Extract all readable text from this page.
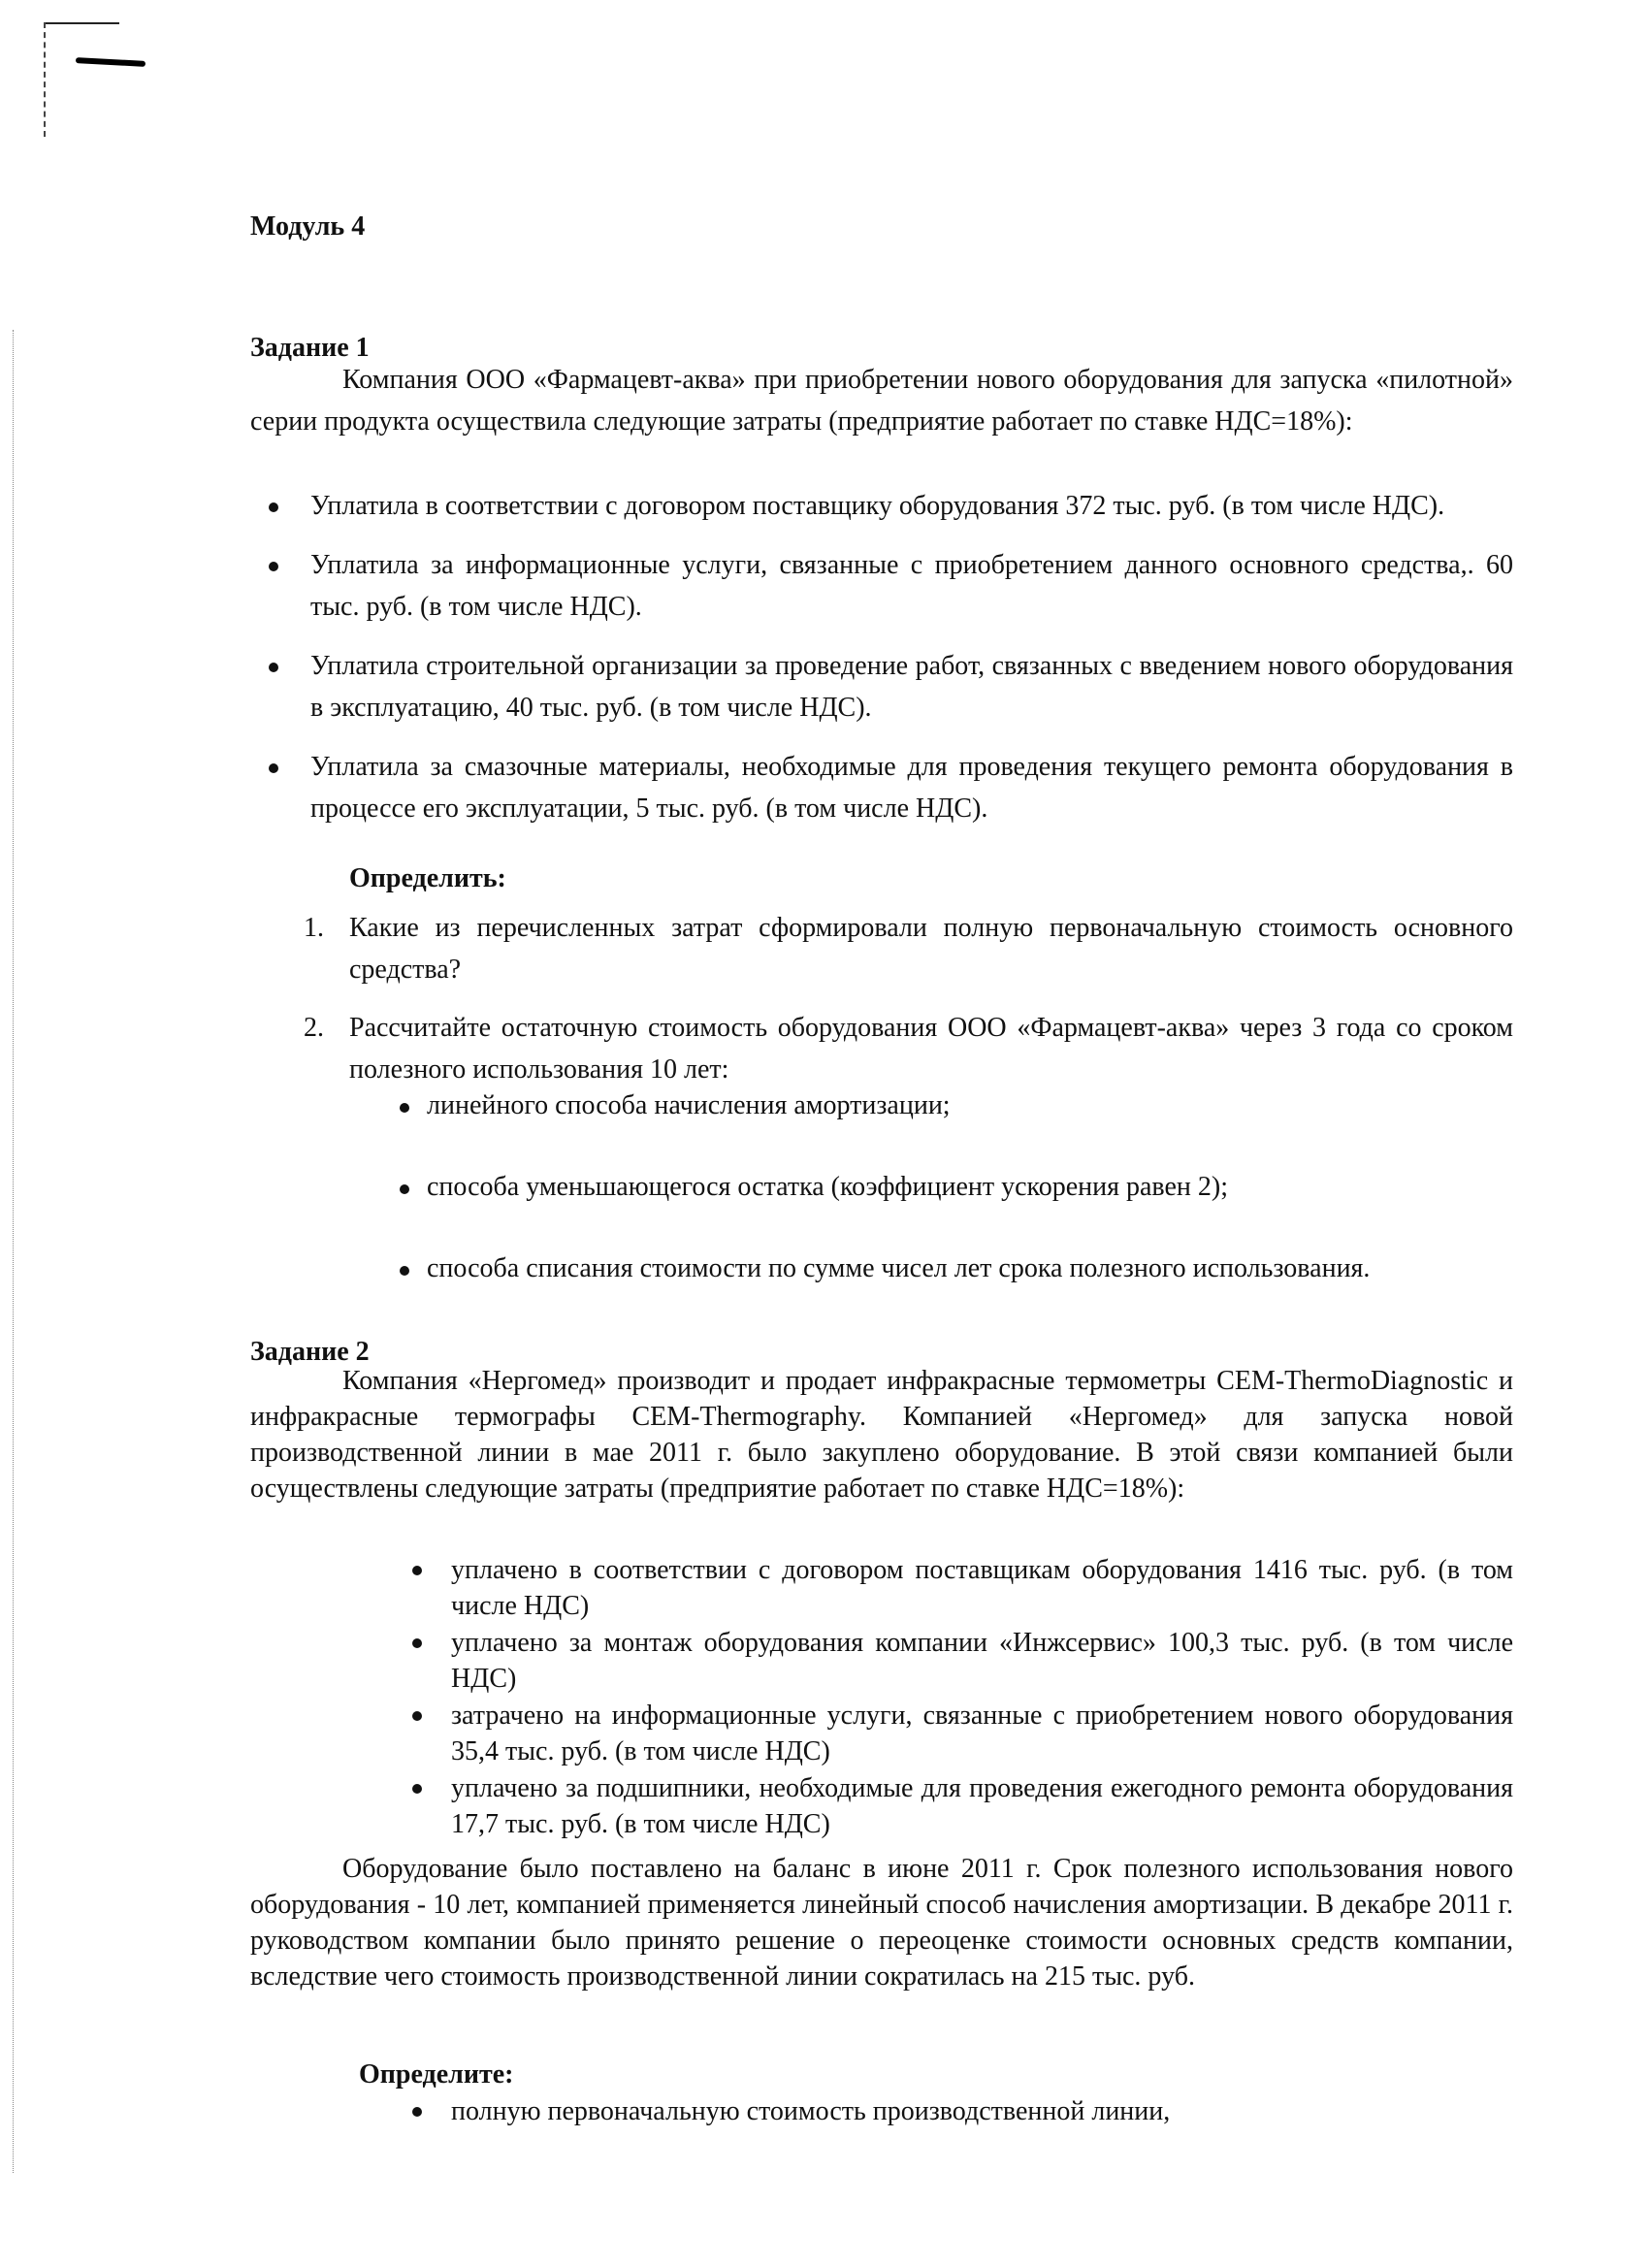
Модуль 4
Задание 1
Компания ООО «Фармацевт-аква» при приобретении нового оборудования для запуска «пилотной» серии продукта осуществила следующие затраты (предприятие работает по ставке НДС=18%):
Уплатила в соответствии с договором поставщику оборудования 372 тыс. руб. (в том числе НДС).
Уплатила за информационные услуги, связанные с приобретением данного основного средства,. 60 тыс. руб. (в том числе НДС).
Уплатила строительной организации за проведение работ, связанных с введением нового оборудования в эксплуатацию, 40 тыс. руб. (в том числе НДС).
Уплатила за смазочные материалы, необходимые для проведения текущего ремонта оборудования в процессе его эксплуатации, 5 тыс. руб. (в том числе НДС).
Определить:
1. Какие из перечисленных затрат сформировали полную первоначальную стоимость основного средства?
2. Рассчитайте остаточную стоимость оборудования ООО «Фармацевт-аква» через 3 года со сроком полезного использования 10 лет:
линейного способа начисления амортизации;
способа уменьшающегося остатка (коэффициент ускорения равен 2);
способа списания стоимости по сумме чисел лет срока полезного использования.
Задание 2
Компания «Нергомед» производит и продает инфракрасные термометры CEM-ThermoDiagnostic и инфракрасные термографы CEM-Thermography. Компанией «Нергомед» для запуска новой производственной линии в мае 2011 г. было закуплено оборудование. В этой связи компанией были осуществлены следующие затраты (предприятие работает по ставке НДС=18%):
уплачено в соответствии с договором поставщикам оборудования 1416 тыс. руб. (в том числе НДС)
уплачено за монтаж оборудования компании «Инжсервис» 100,3 тыс. руб. (в том числе НДС)
затрачено на информационные услуги, связанные с приобретением нового оборудования 35,4 тыс. руб. (в том числе НДС)
уплачено за подшипники, необходимые для проведения ежегодного ремонта оборудования 17,7 тыс. руб. (в том числе НДС)
Оборудование было поставлено на баланс в июне 2011 г. Срок полезного использования нового оборудования - 10 лет, компанией применяется линейный способ начисления амортизации. В декабре 2011 г. руководством компании было принято решение о переоценке стоимости основных средств компании, вследствие чего стоимость производственной линии сократилась на 215 тыс. руб.
Определите:
полную первоначальную стоимость производственной линии,
